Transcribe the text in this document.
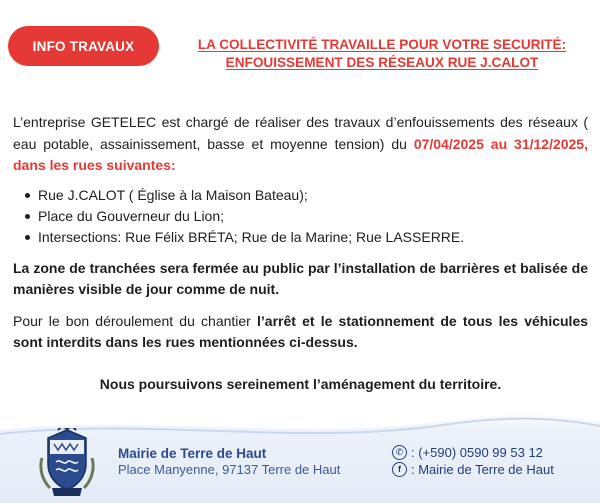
INFO TRAVAUX	LA COLLECTIVITÉ TRAVAILLE POUR VOTRE SECURITÉ:
ENFOUISSEMENT DES RÉSEAUX RUE J.CALOT

L’entreprise GETELEC est chargé de réaliser des travaux d’enfouissements des réseaux ( eau potable, assainissement, basse et moyenne tension) du 07/04/2025 au 31/12/2025, dans les rues suivantes:

Rue J.CALOT ( Église à la Maison Bateau);
Place du Gouverneur du Lion;
Intersections: Rue Félix BRÉTA; Rue de la Marine; Rue LASSERRE.

La zone de tranchées sera fermée au public par l’installation de barrières et balisée de manières visible de jour comme de nuit.

Pour le bon déroulement du chantier l’arrêt et le stationnement de tous les véhicules sont interdits dans les rues mentionnées ci-dessus.

Nous poursuivons sereinement l’aménagement du territoire.

Mairie de Terre de Haut
Place Manyenne, 97137 Terre de Haut
✆ : (+590) 0590 99 53 12
f : Mairie de Terre de Haut
